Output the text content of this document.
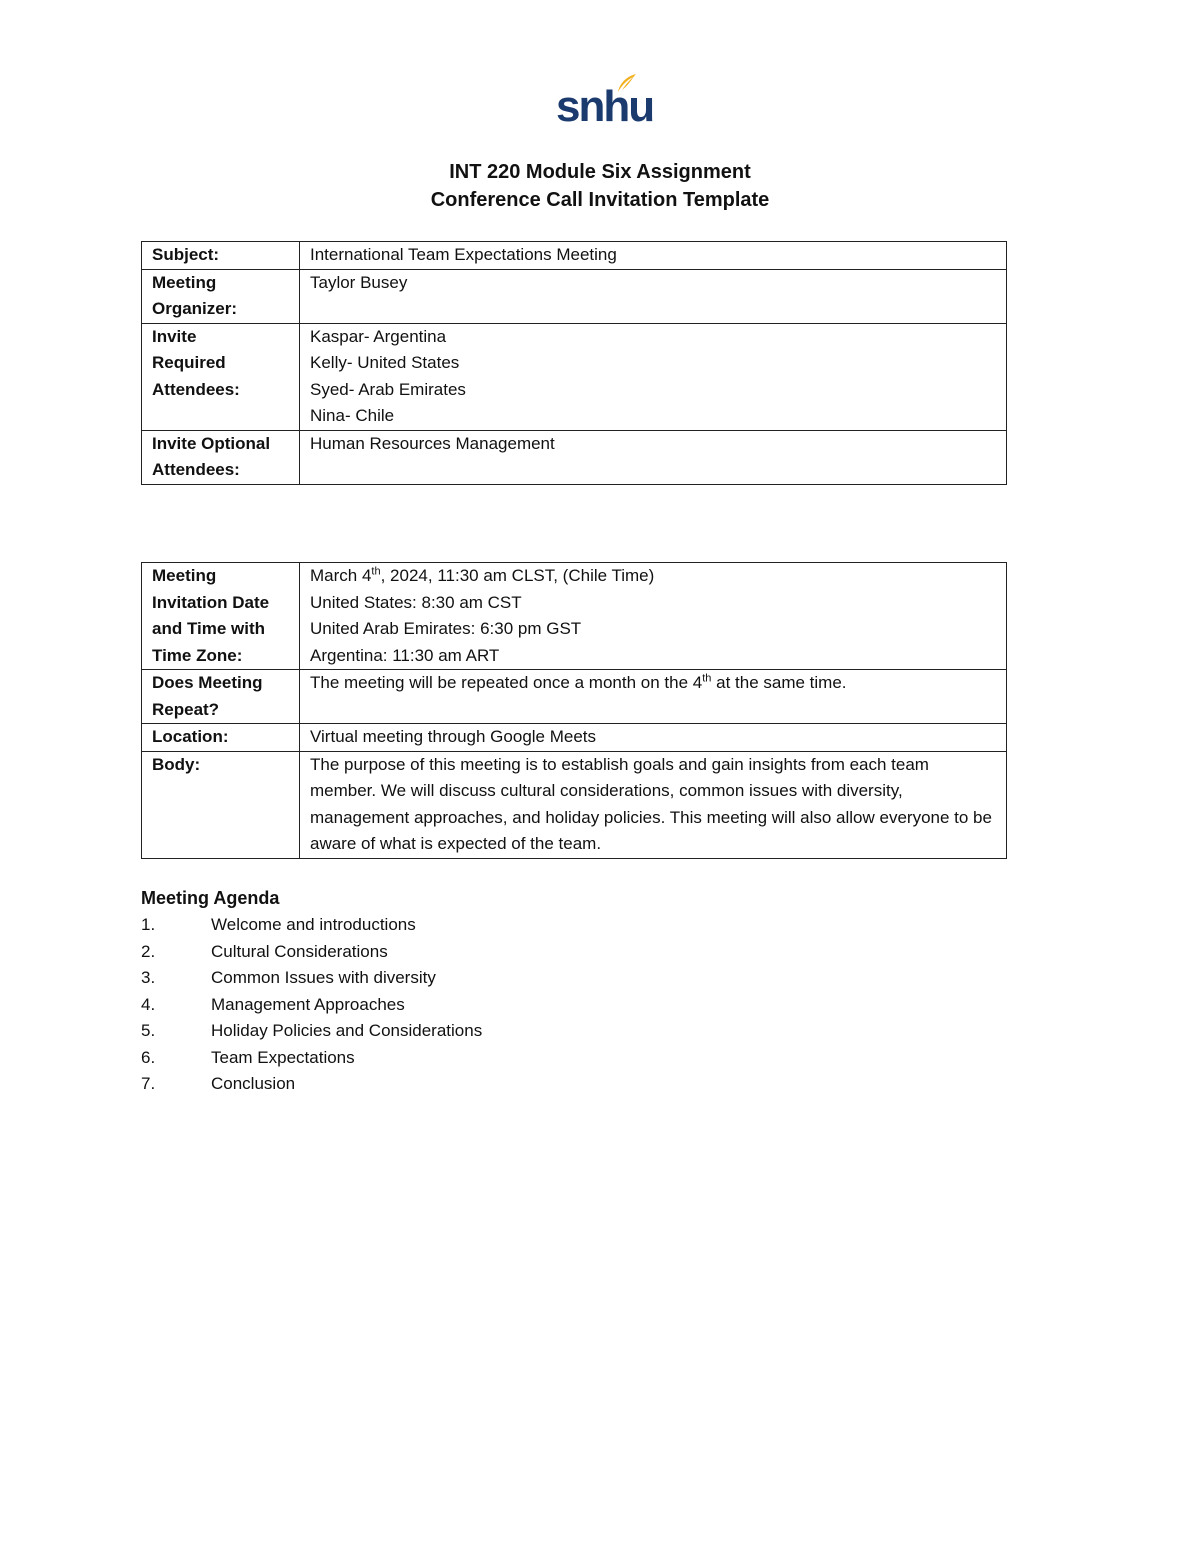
snhu
INT 220 Module Six Assignment
Conference Call Invitation Template
Subject:	International Team Expectations Meeting
Meeting
Organizer:	Taylor Busey
Invite
Required
Attendees:	Kaspar- Argentina
Kelly- United States
Syed- Arab Emirates
Nina- Chile

Invite Optional
Attendees:	Human Resources Management
Meeting
Invitation Date
and Time with
Time Zone:	March 4th, 2024, 11:30 am CLST, (Chile Time)
United States: 8:30 am CST
United Arab Emirates: 6:30 pm GST
Argentina: 11:30 am ART

Does Meeting
Repeat?	The meeting will be repeated once a month on the 4th at the same time.
Location:	Virtual meeting through Google Meets
Body:	The purpose of this meeting is to establish goals and gain insights from each team member. We will discuss cultural considerations, common issues with diversity, management approaches, and holiday policies. This meeting will also allow everyone to be aware of what is expected of the team.
Meeting Agenda
1.	Welcome and introductions
2.	Cultural Considerations
3.	Common Issues with diversity
4.	Management Approaches
5.	Holiday Policies and Considerations
6.	Team Expectations
7.	Conclusion
